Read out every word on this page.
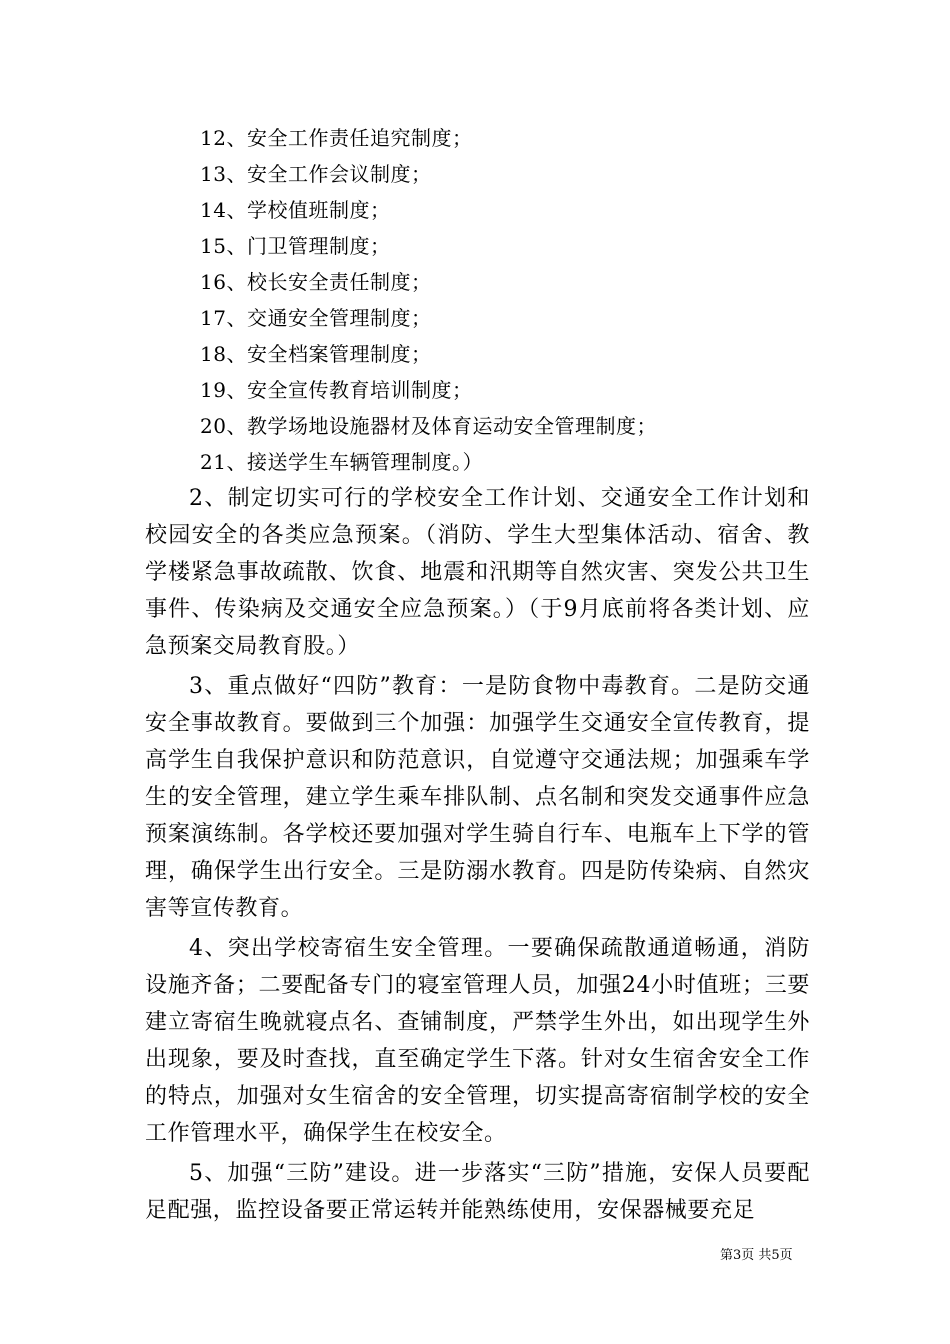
12、安全工作责任追究制度；
13、安全工作会议制度；
14、学校值班制度；
15、门卫管理制度；
16、校长安全责任制度；
17、交通安全管理制度；
18、安全档案管理制度；
19、安全宣传教育培训制度；
20、教学场地设施器材及体育运动安全管理制度；
21、接送学生车辆管理制度。）

2、制定切实可行的学校安全工作计划、交通安全工作计划和校园安全的各类应急预案。（消防、学生大型集体活动、宿舍、教学楼紧急事故疏散、饮食、地震和汛期等自然灾害、突发公共卫生事件、传染病及交通安全应急预案。）（于9月底前将各类计划、应急预案交局教育股。）

3、重点做好“四防”教育：一是防食物中毒教育。二是防交通安全事故教育。要做到三个加强：加强学生交通安全宣传教育，提高学生自我保护意识和防范意识，自觉遵守交通法规；加强乘车学生的安全管理，建立学生乘车排队制、点名制和突发交通事件应急预案演练制。各学校还要加强对学生骑自行车、电瓶车上下学的管理，确保学生出行安全。三是防溺水教育。四是防传染病、自然灾害等宣传教育。

4、突出学校寄宿生安全管理。一要确保疏散通道畅通，消防设施齐备；二要配备专门的寝室管理人员，加强24小时值班；三要建立寄宿生晚就寝点名、查铺制度，严禁学生外出，如出现学生外出现象，要及时查找，直至确定学生下落。针对女生宿舍安全工作的特点，加强对女生宿舍的安全管理，切实提高寄宿制学校的安全工作管理水平，确保学生在校安全。

5、加强“三防”建设。进一步落实“三防”措施，安保人员要配足配强，监控设备要正常运转并能熟练使用，安保器械要充足

第3页 共5页
